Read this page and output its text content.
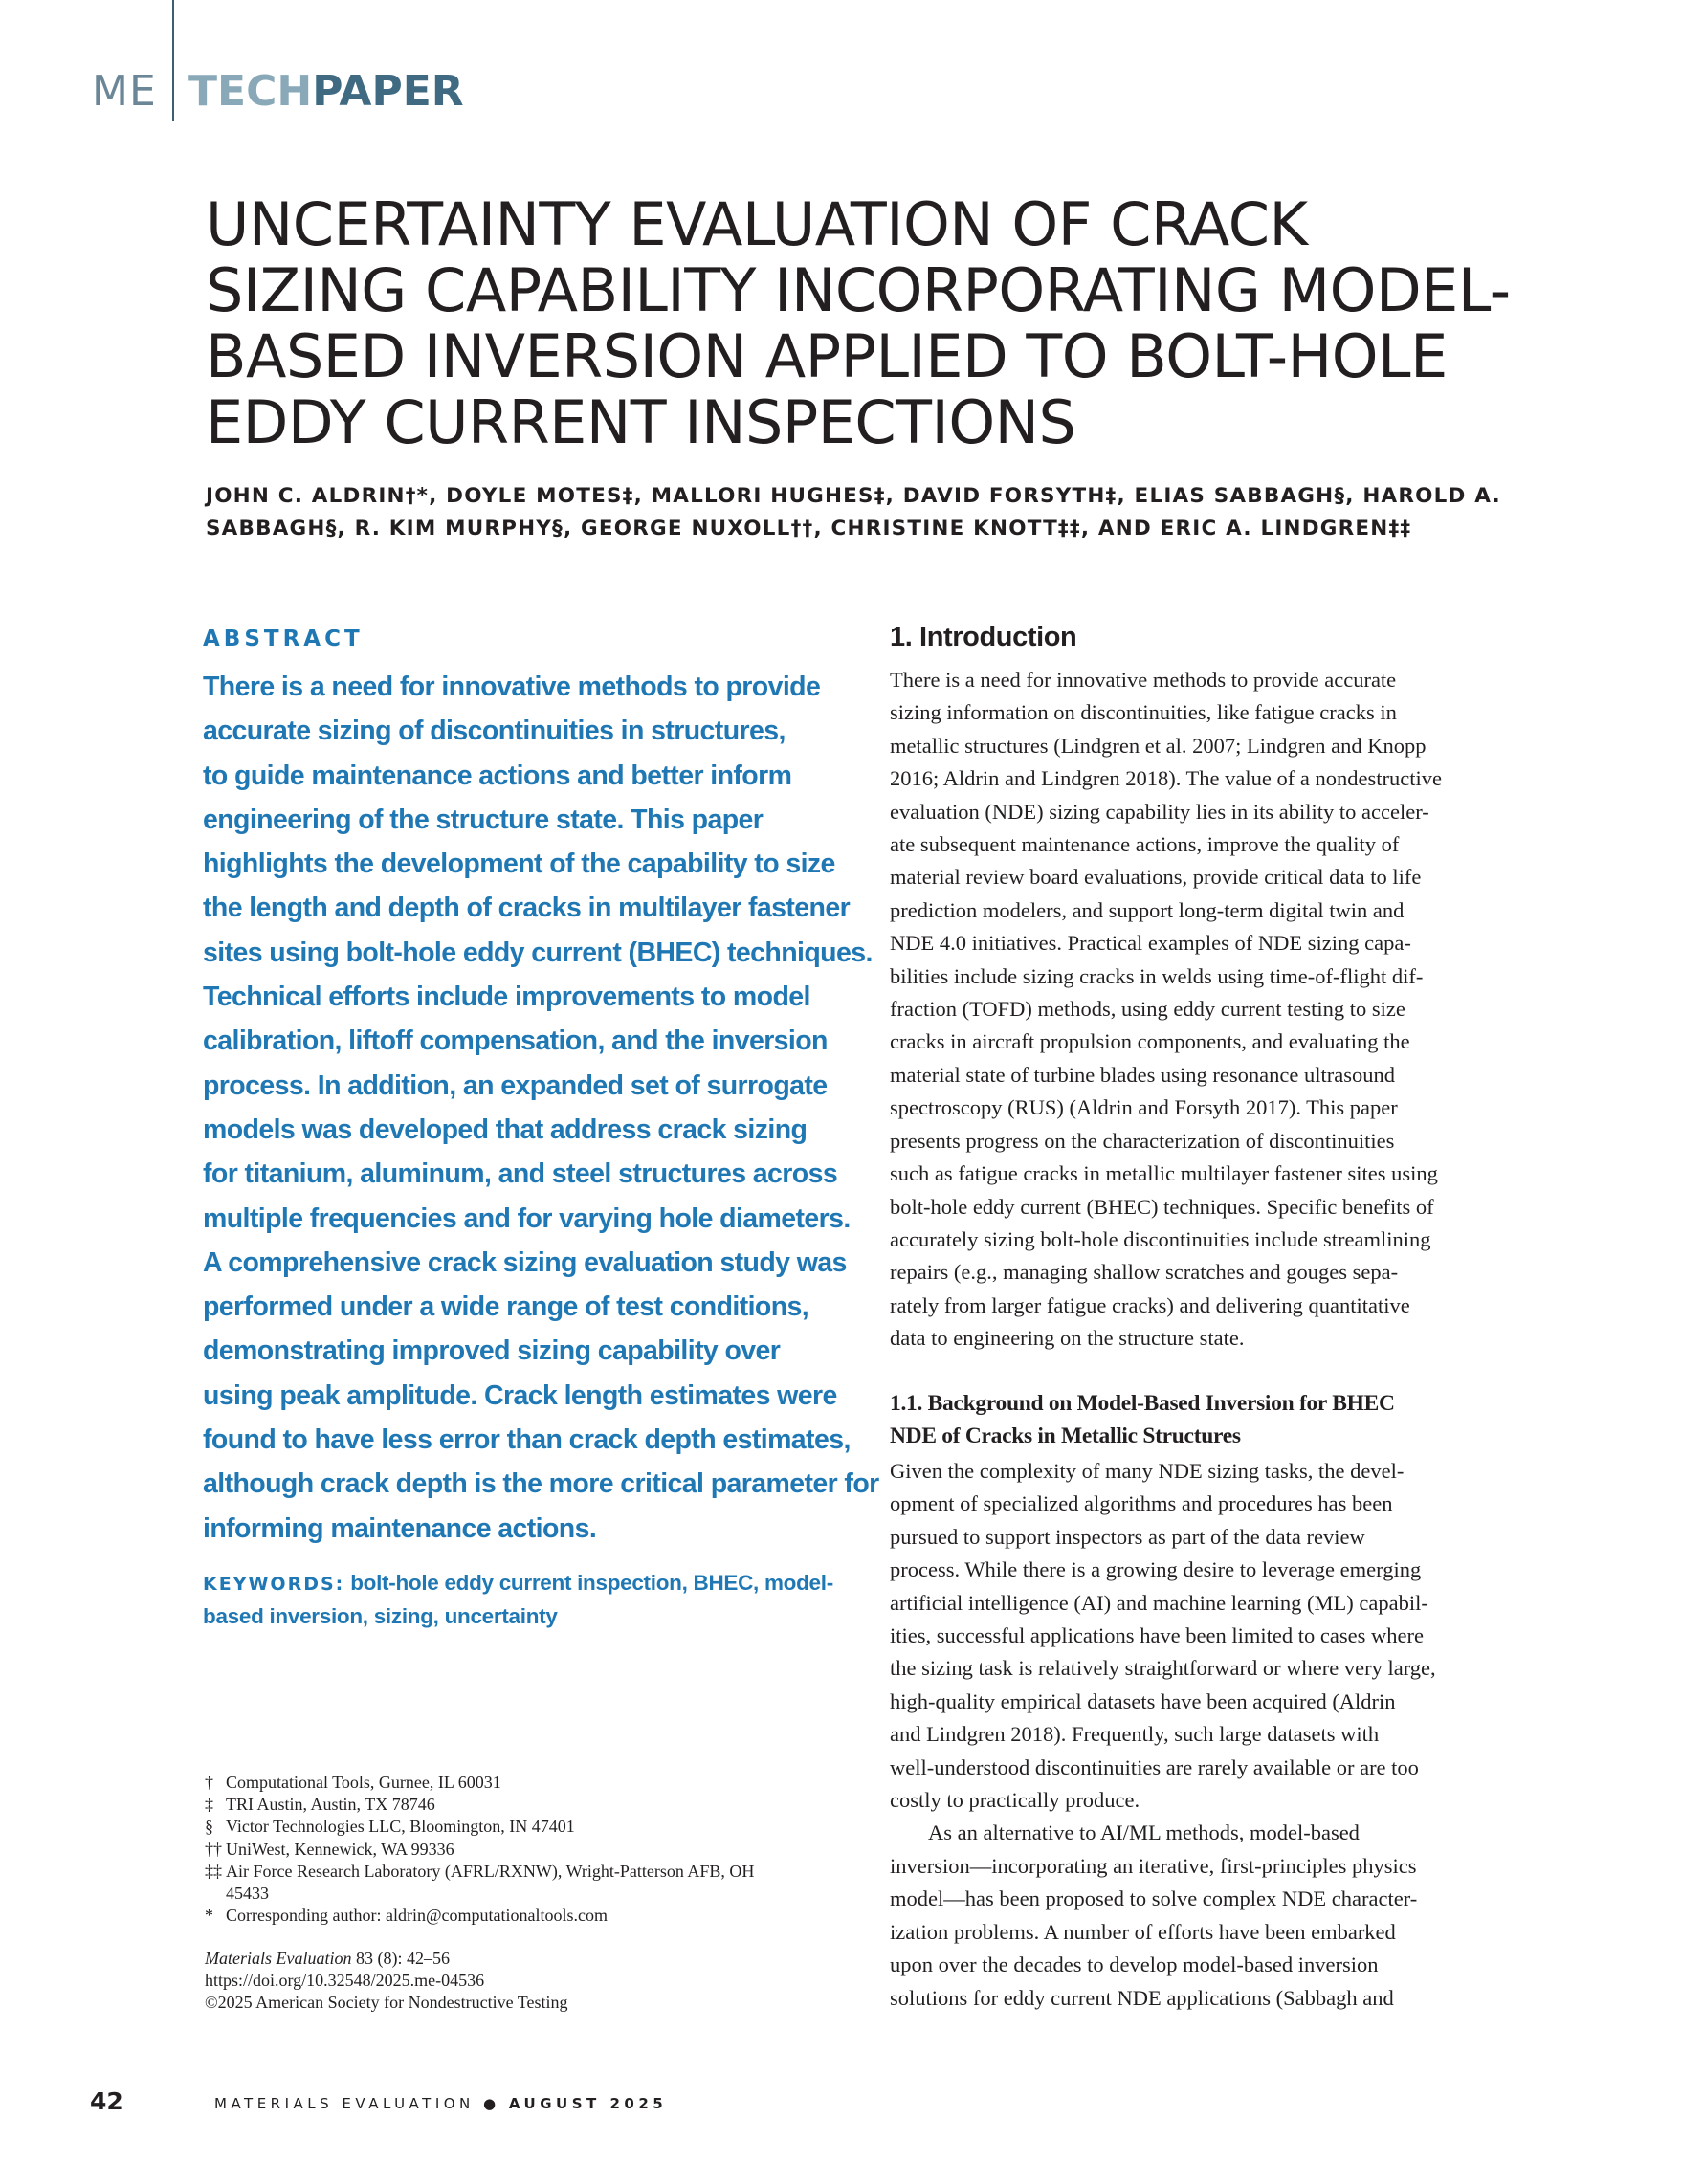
ME TECHPAPER
UNCERTAINTY EVALUATION OF CRACK
SIZING CAPABILITY INCORPORATING MODEL-
BASED INVERSION APPLIED TO BOLT-HOLE
EDDY CURRENT INSPECTIONS
JOHN C. ALDRIN†*, DOYLE MOTES‡, MALLORI HUGHES‡, DAVID FORSYTH‡, ELIAS SABBAGH§, HAROLD A.
SABBAGH§, R. KIM MURPHY§, GEORGE NUXOLL††, CHRISTINE KNOTT‡‡, AND ERIC A. LINDGREN‡‡
ABSTRACT
There is a need for innovative methods to provide
accurate sizing of discontinuities in structures,
to guide maintenance actions and better inform
engineering of the structure state. This paper
highlights the development of the capability to size
the length and depth of cracks in multilayer fastener
sites using bolt-hole eddy current (BHEC) techniques.
Technical efforts include improvements to model
calibration, liftoff compensation, and the inversion
process. In addition, an expanded set of surrogate
models was developed that address crack sizing
for titanium, aluminum, and steel structures across
multiple frequencies and for varying hole diameters.
A comprehensive crack sizing evaluation study was
performed under a wide range of test conditions,
demonstrating improved sizing capability over
using peak amplitude. Crack length estimates were
found to have less error than crack depth estimates,
although crack depth is the more critical parameter for
informing maintenance actions.
KEYWORDS: bolt-hole eddy current inspection, BHEC, model-
based inversion, sizing, uncertainty
† Computational Tools, Gurnee, IL 60031
‡ TRI Austin, Austin, TX 78746
§ Victor Technologies LLC, Bloomington, IN 47401
†† UniWest, Kennewick, WA 99336
‡‡ Air Force Research Laboratory (AFRL/RXNW), Wright-Patterson AFB, OH
45433
* Corresponding author: aldrin@computationaltools.com
Materials Evaluation 83 (8): 42–56
https://doi.org/10.32548/2025.me-04536
©2025 American Society for Nondestructive Testing
1. Introduction
There is a need for innovative methods to provide accurate
sizing information on discontinuities, like fatigue cracks in
metallic structures (Lindgren et al. 2007; Lindgren and Knopp
2016; Aldrin and Lindgren 2018). The value of a nondestructive
evaluation (NDE) sizing capability lies in its ability to acceler-
ate subsequent maintenance actions, improve the quality of
material review board evaluations, provide critical data to life
prediction modelers, and support long-term digital twin and
NDE 4.0 initiatives. Practical examples of NDE sizing capa-
bilities include sizing cracks in welds using time-of-flight dif-
fraction (TOFD) methods, using eddy current testing to size
cracks in aircraft propulsion components, and evaluating the
material state of turbine blades using resonance ultrasound
spectroscopy (RUS) (Aldrin and Forsyth 2017). This paper
presents progress on the characterization of discontinuities
such as fatigue cracks in metallic multilayer fastener sites using
bolt-hole eddy current (BHEC) techniques. Specific benefits of
accurately sizing bolt-hole discontinuities include streamlining
repairs (e.g., managing shallow scratches and gouges sepa-
rately from larger fatigue cracks) and delivering quantitative
data to engineering on the structure state.
1.1. Background on Model-Based Inversion for BHEC
NDE of Cracks in Metallic Structures
Given the complexity of many NDE sizing tasks, the devel-
opment of specialized algorithms and procedures has been
pursued to support inspectors as part of the data review
process. While there is a growing desire to leverage emerging
artificial intelligence (AI) and machine learning (ML) capabil-
ities, successful applications have been limited to cases where
the sizing task is relatively straightforward or where very large,
high-quality empirical datasets have been acquired (Aldrin
and Lindgren 2018). Frequently, such large datasets with
well-understood discontinuities are rarely available or are too
costly to practically produce.
As an alternative to AI/ML methods, model-based
inversion—incorporating an iterative, first-principles physics
model—has been proposed to solve complex NDE character-
ization problems. A number of efforts have been embarked
upon over the decades to develop model-based inversion
solutions for eddy current NDE applications (Sabbagh and
42	MATERIALS EVALUATION ● AUGUST 2025
